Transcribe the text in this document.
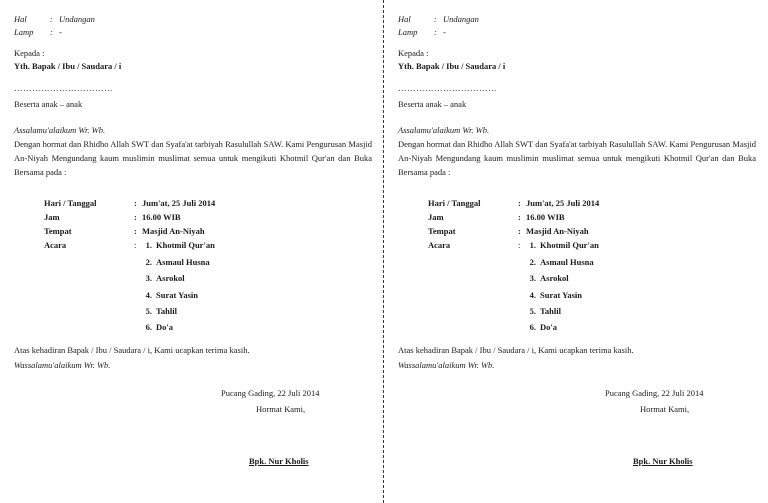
Hal	: Undangan
Lamp : -
Kepada :
Yth. Bapak / Ibu / Saudara / i
……………………………
Beserta anak – anak
Assalamu'alaikum Wr. Wb.
Dengan hormat dan Rhidho Allah SWT dan Syafa'at tarbiyah Rasulullah SAW. Kami Pengurusan Masjid An-Niyah Mengundang kaum muslimin muslimat semua untuk mengikuti Khotmil Qur'an dan Buka Bersama pada :
Hari / Tanggal	: Jum'at, 25 Juli 2014
Jam	: 16.00 WIB
Tempat	: Masjid An-Niyah
Acara	:	1. Khotmil Qur'an
2. Asmaul Husna
3. Asrokol
4. Surat Yasin
5. Tahlil
6. Do'a
Atas kehadiran Bapak / Ibu / Saudara / i, Kami ucapkan terima kasih.
Wassalamu'alaikum Wr. Wb.
Pucang Gading, 22 Juli 2014
Hormat Kami,
Bpk. Nur Kholis
Hal	: Undangan
Lamp : -
Kepada :
Yth. Bapak / Ibu / Saudara / i
……………………………
Beserta anak – anak
Assalamu'alaikum Wr. Wb.
Dengan hormat dan Rhidho Allah SWT dan Syafa'at tarbiyah Rasulullah SAW. Kami Pengurusan Masjid An-Niyah Mengundang kaum muslimin muslimat semua untuk mengikuti Khotmil Qur'an dan Buka Bersama pada :
Hari / Tanggal	: Jum'at, 25 Juli 2014
Jam	: 16.00 WIB
Tempat	: Masjid An-Niyah
Acara	:	1. Khotmil Qur'an
2. Asmaul Husna
3. Asrokol
4. Surat Yasin
5. Tahlil
6. Do'a
Atas kehadiran Bapak / Ibu / Saudara / i, Kami ucapkan terima kasih.
Wassalamu'alaikum Wr. Wb.
Pucang Gading, 22 Juli 2014
Hormat Kami,
Bpk. Nur Kholis
